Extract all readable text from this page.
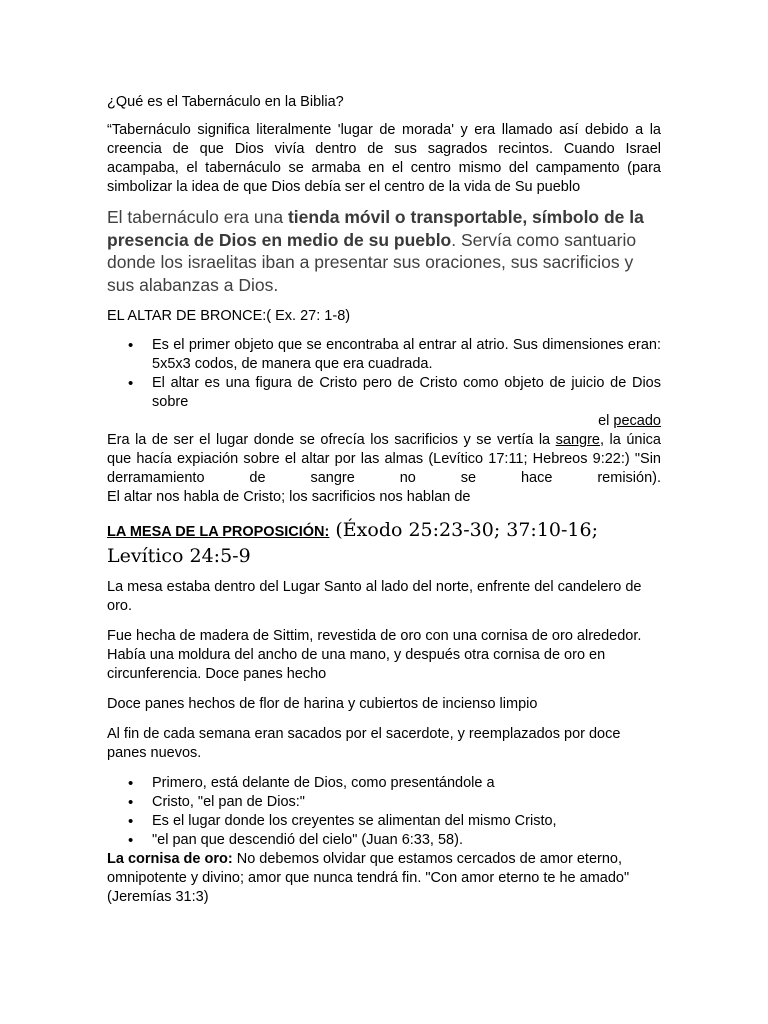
¿Qué es el Tabernáculo en la Biblia?

“Tabernáculo significa literalmente 'lugar de morada' y era llamado así debido a la creencia de que Dios vivía dentro de sus sagrados recintos. Cuando Israel acampaba, el tabernáculo se armaba en el centro mismo del campamento (para simbolizar la idea de que Dios debía ser el centro de la vida de Su pueblo

El tabernáculo era una tienda móvil o transportable, símbolo de la presencia de Dios en medio de su pueblo. Servía como santuario donde los israelitas iban a presentar sus oraciones, sus sacrificios y sus alabanzas a Dios.

EL ALTAR DE BRONCE:( Ex. 27: 1-8)

• Es el primer objeto que se encontraba al entrar al atrio. Sus dimensiones eran: 5x5x3 codos, de manera que era cuadrada.
• El altar es una figura de Cristo pero de Cristo como objeto de juicio de Dios sobre
el pecado

Era la de ser el lugar donde se ofrecía los sacrificios y se vertía la sangre, la única que hacía expiación sobre el altar por las almas (Levítico 17:11; Hebreos 9:22:) "Sin derramamiento de sangre no se hace remisión).

El altar nos habla de Cristo; los sacrificios nos hablan de

LA MESA DE LA PROPOSICIÓN: (Éxodo 25:23-30; 37:10-16; Levítico 24:5-9

La mesa estaba dentro del Lugar Santo al lado del norte, enfrente del candelero de oro.

Fue hecha de madera de Sittim, revestida de oro con una cornisa de oro alrededor. Había una moldura del ancho de una mano, y después otra cornisa de oro en circunferencia. Doce panes hecho

Doce panes hechos de flor de harina y cubiertos de incienso limpio

Al fin de cada semana eran sacados por el sacerdote, y reemplazados por doce panes nuevos.

• Primero, está delante de Dios, como presentándole a
• Cristo, "el pan de Dios:"
• Es el lugar donde los creyentes se alimentan del mismo Cristo,
• "el pan que descendió del cielo" (Juan 6:33, 58).

La cornisa de oro: No debemos olvidar que estamos cercados de amor eterno, omnipotente y divino; amor que nunca tendrá fin. "Con amor eterno te he amado" (Jeremías 31:3)
